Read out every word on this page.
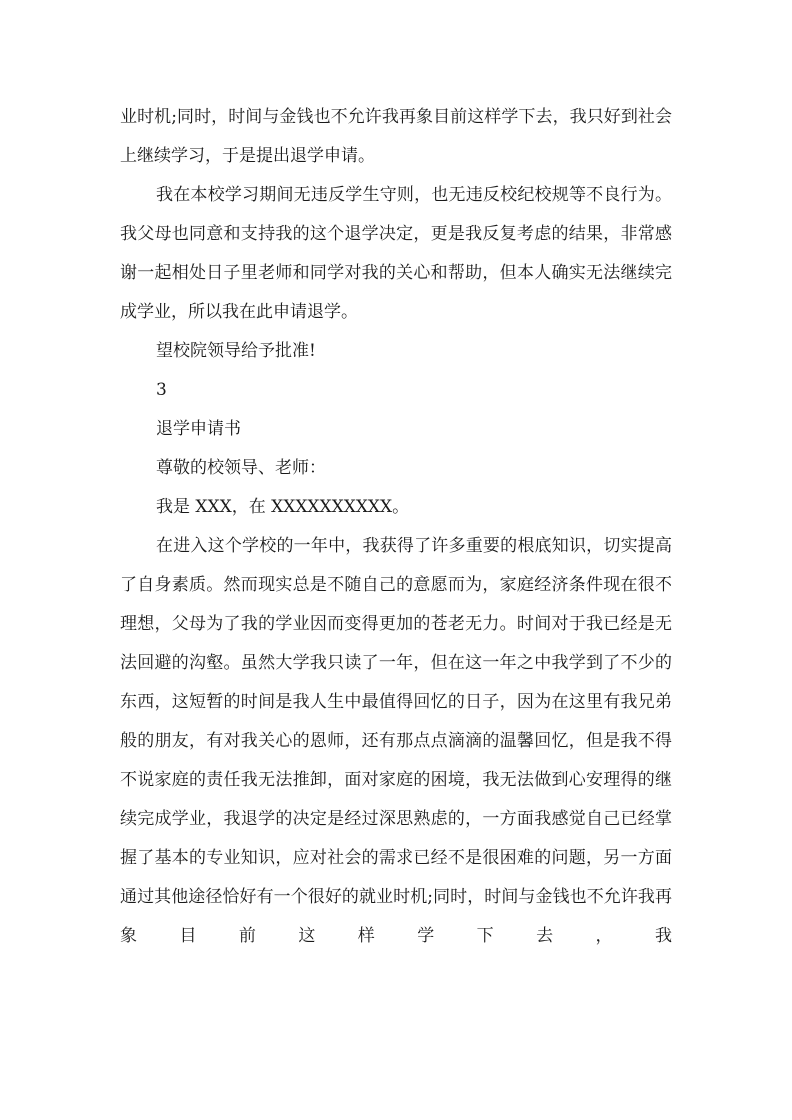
业时机;同时，时间与金钱也不允许我再象目前这样学下去，我只好到社会上继续学习，于是提出退学申请。

我在本校学习期间无违反学生守则，也无违反校纪校规等不良行为。我父母也同意和支持我的这个退学决定，更是我反复考虑的结果，非常感谢一起相处日子里老师和同学对我的关心和帮助，但本人确实无法继续完成学业，所以我在此申请退学。

望校院领导给予批准!

3

退学申请书

尊敬的校领导、老师：

我是 XXX，在 XXXXXXXXXX。

在进入这个学校的一年中，我获得了许多重要的根底知识，切实提高了自身素质。然而现实总是不随自己的意愿而为，家庭经济条件现在很不理想，父母为了我的学业因而变得更加的苍老无力。时间对于我已经是无法回避的沟壑。虽然大学我只读了一年，但在这一年之中我学到了不少的东西，这短暂的时间是我人生中最值得回忆的日子，因为在这里有我兄弟般的朋友，有对我关心的恩师，还有那点点滴滴的温馨回忆，但是我不得不说家庭的责任我无法推卸，面对家庭的困境，我无法做到心安理得的继续完成学业，我退学的决定是经过深思熟虑的，一方面我感觉自己已经掌握了基本的专业知识，应对社会的需求已经不是很困难的问题，另一方面通过其他途径恰好有一个很好的就业时机;同时，时间与金钱也不允许我再象目前这样学下去，我
